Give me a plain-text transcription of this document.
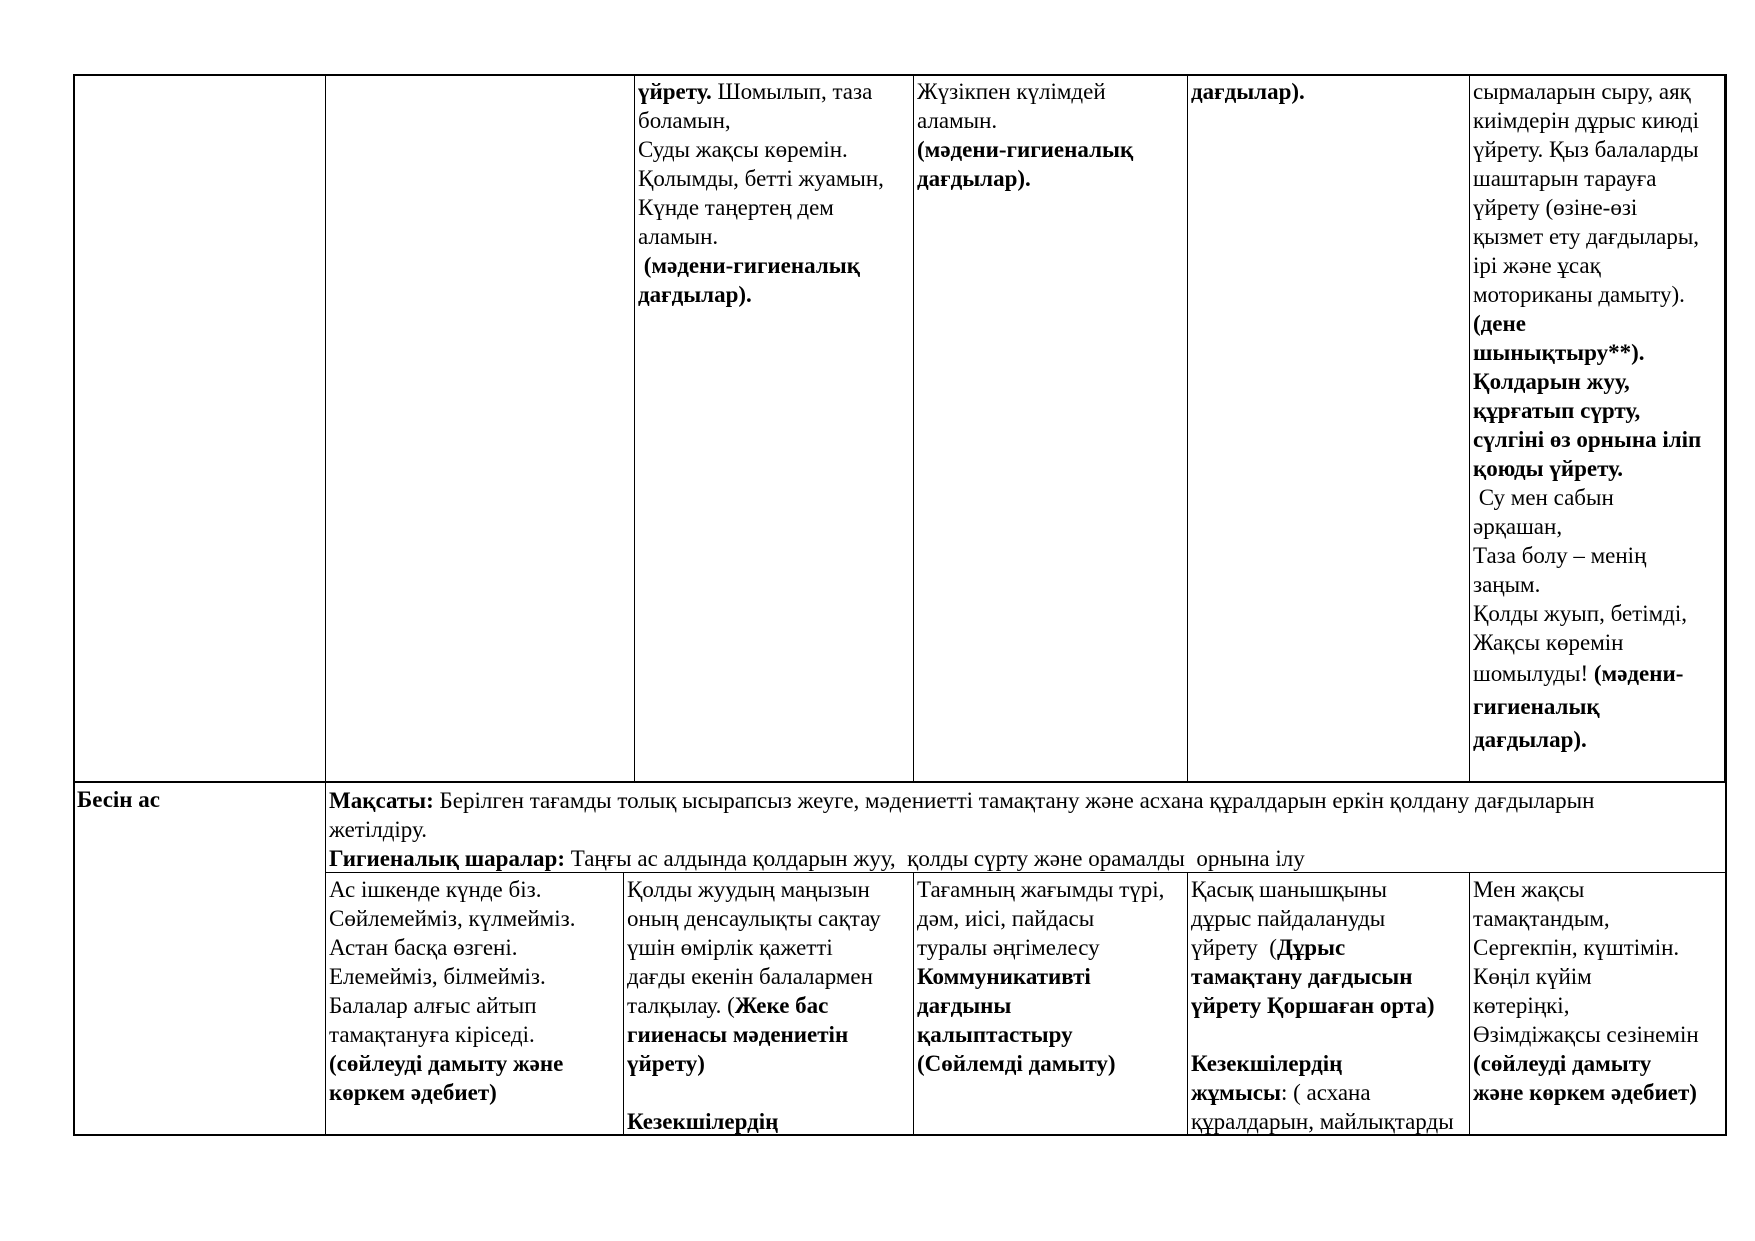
үйрету. Шомылып, таза
боламын,
Суды жақсы көремін.
Қолымды, бетті жуамын,
Күнде таңертең дем
аламын.
(мәдени-гигиеналық
дағдылар).
Жүзікпен күлімдей
аламын.
(мәдени-гигиеналық
дағдылар).
дағдылар).	сырмаларын сыру, аяқ
киімдерін дұрыс киюді
үйрету. Қыз балаларды
шаштарын тарауға
үйрету (өзіне-өзі
қызмет ету дағдылары,
ірі және ұсақ
моториканы дамыту).
(дене
шынықтыру**).
Қолдарын жуу,
құрғатып сүрту,
сүлгіні өз орнына іліп
қоюды үйрету.
Су мен сабын
әрқашан,
Таза болу – менің
заңым.
Қолды жуып, бетімді,
Жақсы көремін
шомылуды! (мәдени-
гигиеналық
дағдылар).
Бесін ас	Мақсаты: Берілген тағамды толық ысырапсыз жеуге, мәдениетті тамақтану және асхана құралдарын еркін қолдану дағдыларын
жетілдіру.
Гигиеналық шаралар: Таңғы ас алдында қолдарын жуу,  қолды сүрту және орамалды  орнына ілу
Ас ішкенде күнде біз.
Сөйлемейміз, күлмейміз.
Астан басқа өзгені.
Елемейміз, білмейміз.
Балалар алғыс айтып
тамақтануға кіріседі.
(сөйлеуді дамыту және
көркем әдебиет)
Қолды жуудың маңызын
оның денсаулықты сақтау
үшін өмірлік қажетті
дағды екенін балалармен
талқылау. (Жеке бас
гииенасы мәдениетін
үйрету)
Кезекшілердің
Тағамның жағымды түрі,
дәм, иісі, пайдасы
туралы әңгімелесу
Коммуникативті
дағдыны
қалыптастыру
(Сөйлемді дамыту)
Қасық шанышқыны
дұрыс пайдалануды
үйрету  (Дұрыс
тамақтану дағдысын
үйрету Қоршаған орта)
Кезекшілердің
жұмысы: ( асхана
құралдарын, майлықтарды
Мен жақсы
тамақтандым,
Сергекпін, күштімін.
Көңіл күйім
көтеріңкі,
Өзімдіжақсы сезінемін
(сөйлеуді дамыту
және көркем әдебиет)
